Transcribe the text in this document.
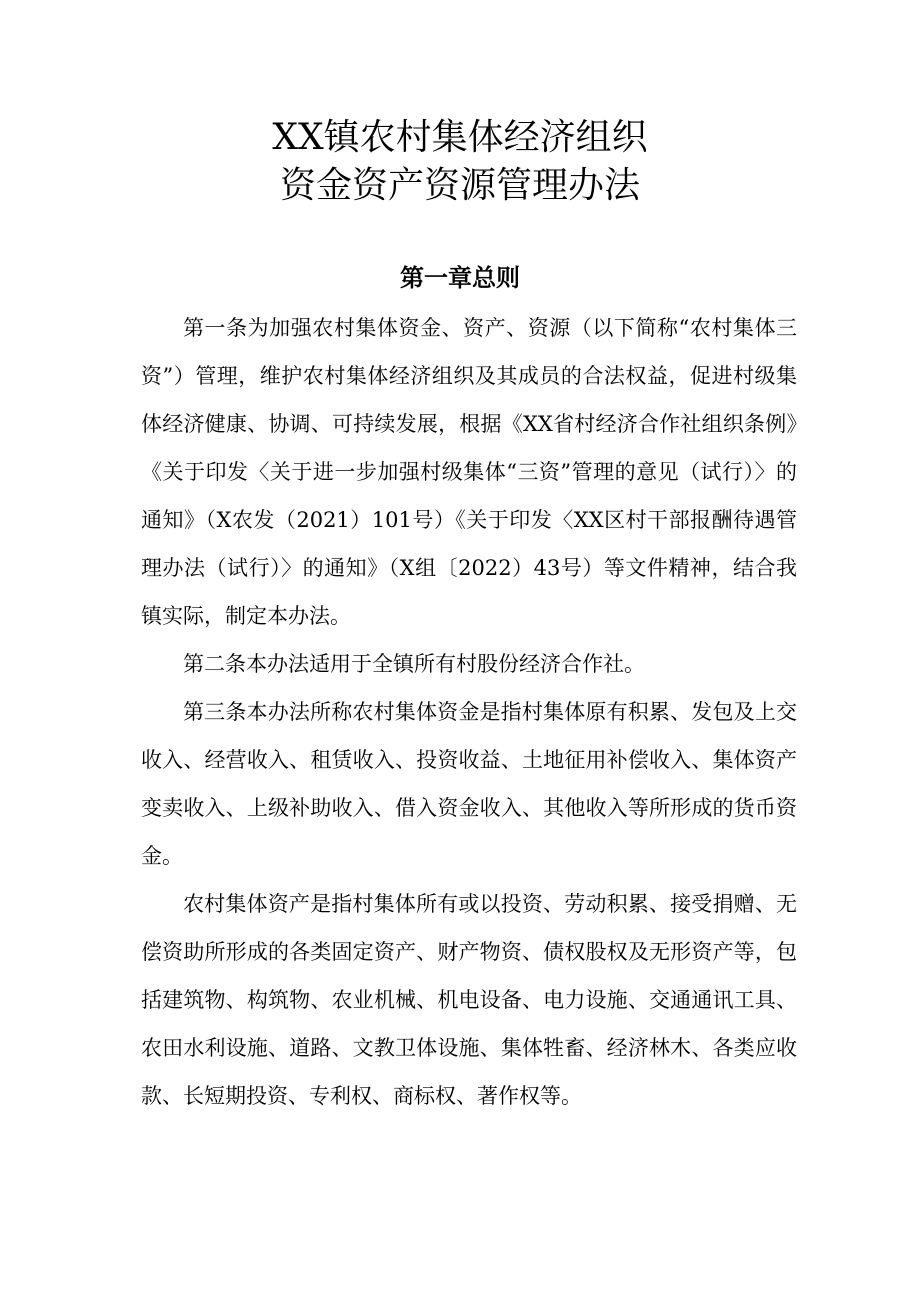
XX镇农村集体经济组织
资金资产资源管理办法
第一章总则

第一条为加强农村集体资金、资产、资源（以下简称“农村集体三资”）管理，维护农村集体经济组织及其成员的合法权益，促进村级集体经济健康、协调、可持续发展，根据《XX省村经济合作社组织条例》《关于印发〈关于进一步加强村级集体“三资”管理的意见（试行）〉的通知》（X农发（2021）101号）《关于印发〈XX区村干部报酬待遇管理办法（试行）〉的通知》（X组〔2022）43号）等文件精神，结合我镇实际，制定本办法。

第二条本办法适用于全镇所有村股份经济合作社。

第三条本办法所称农村集体资金是指村集体原有积累、发包及上交收入、经营收入、租赁收入、投资收益、土地征用补偿收入、集体资产变卖收入、上级补助收入、借入资金收入、其他收入等所形成的货币资金。

农村集体资产是指村集体所有或以投资、劳动积累、接受捐赠、无偿资助所形成的各类固定资产、财产物资、债权股权及无形资产等，包括建筑物、构筑物、农业机械、机电设备、电力设施、交通通讯工具、农田水利设施、道路、文教卫体设施、集体牲畜、经济林木、各类应收款、长短期投资、专利权、商标权、著作权等。
